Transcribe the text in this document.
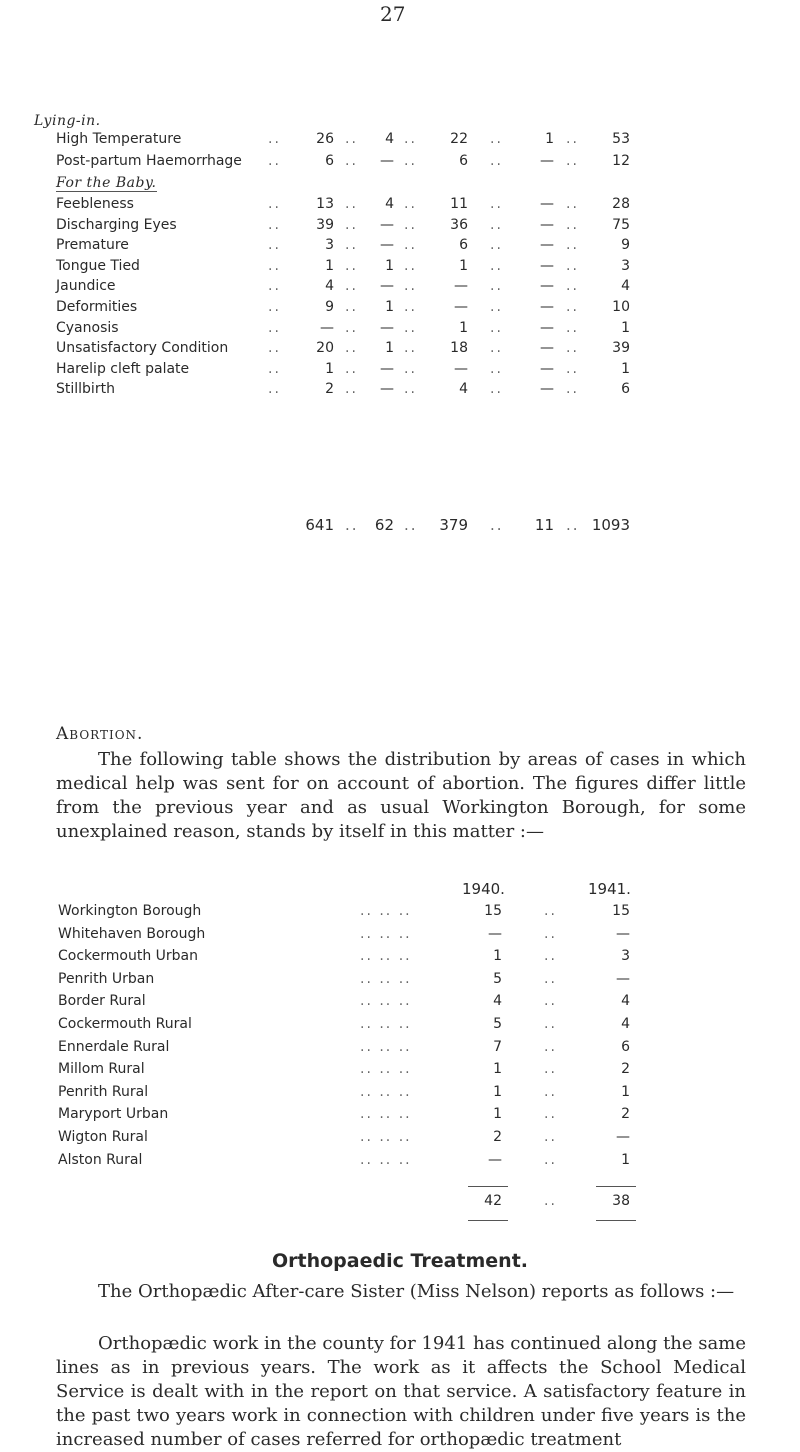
27
Lying-in.
High Temperature	..	26 ..	4 ..	22 ..	1 ..	53
Post-partum Haemorrhage ..	6 ..	— ..	6 ..	— ..	12
For the Baby.
Feebleness	..	13 ..	4 ..	11 ..	— ..	28
Discharging Eyes	..	39 ..	— ..	36 ..	— ..	75
Premature	..	3 ..	— ..	6 ..	— ..	9
Tongue Tied	..	1 ..	1 ..	1 ..	— ..	3
Jaundice	..	4 ..	— ..	— ..	— ..	4
Deformities	..	9 ..	1 ..	— ..	— ..	10
Cyanosis	..	— ..	— ..	1 ..	— ..	1
Unsatisfactory Condition	..	20 ..	1 ..	18 ..	— ..	39
Harelip cleft palate	..	1 ..	— ..	— ..	— ..	1
Stillbirth	..	2 ..	— ..	4 ..	— ..	6
641 ..	62 ..	379 ..	11 .. 1093
Abortion.
The following table shows the distribution by areas of cases in which medical help was sent for on account of abortion. The figures differ little from the previous year and as usual Workington Borough, for some unexplained reason, stands by itself in this matter :—
1940.	1941.
Workington Borough	.. .. ..	15	..	15
Whitehaven Borough	.. .. ..	—	..	—
Cockermouth Urban	.. .. ..	1	..	3
Penrith Urban	.. .. ..	5	..	—
Border Rural	.. .. ..	4	..	4
Cockermouth Rural	.. .. ..	5	..	4
Ennerdale Rural	.. .. ..	7	..	6
Millom Rural	.. .. ..	1	..	2
Penrith Rural	.. .. ..	1	..	1
Maryport Urban	.. .. ..	1	..	2
Wigton Rural	.. .. ..	2	..	—
Alston Rural	.. .. ..	—	..	1
42	..	38
Orthopaedic Treatment.
The Orthopædic After-care Sister (Miss Nelson) reports as follows :—
Orthopædic work in the county for 1941 has continued along the same lines as in previous years. The work as it affects the School Medical Service is dealt with in the report on that service. A satisfactory feature in the past two years work in connection with children under five years is the increased number of cases referred for orthopædic treatment
